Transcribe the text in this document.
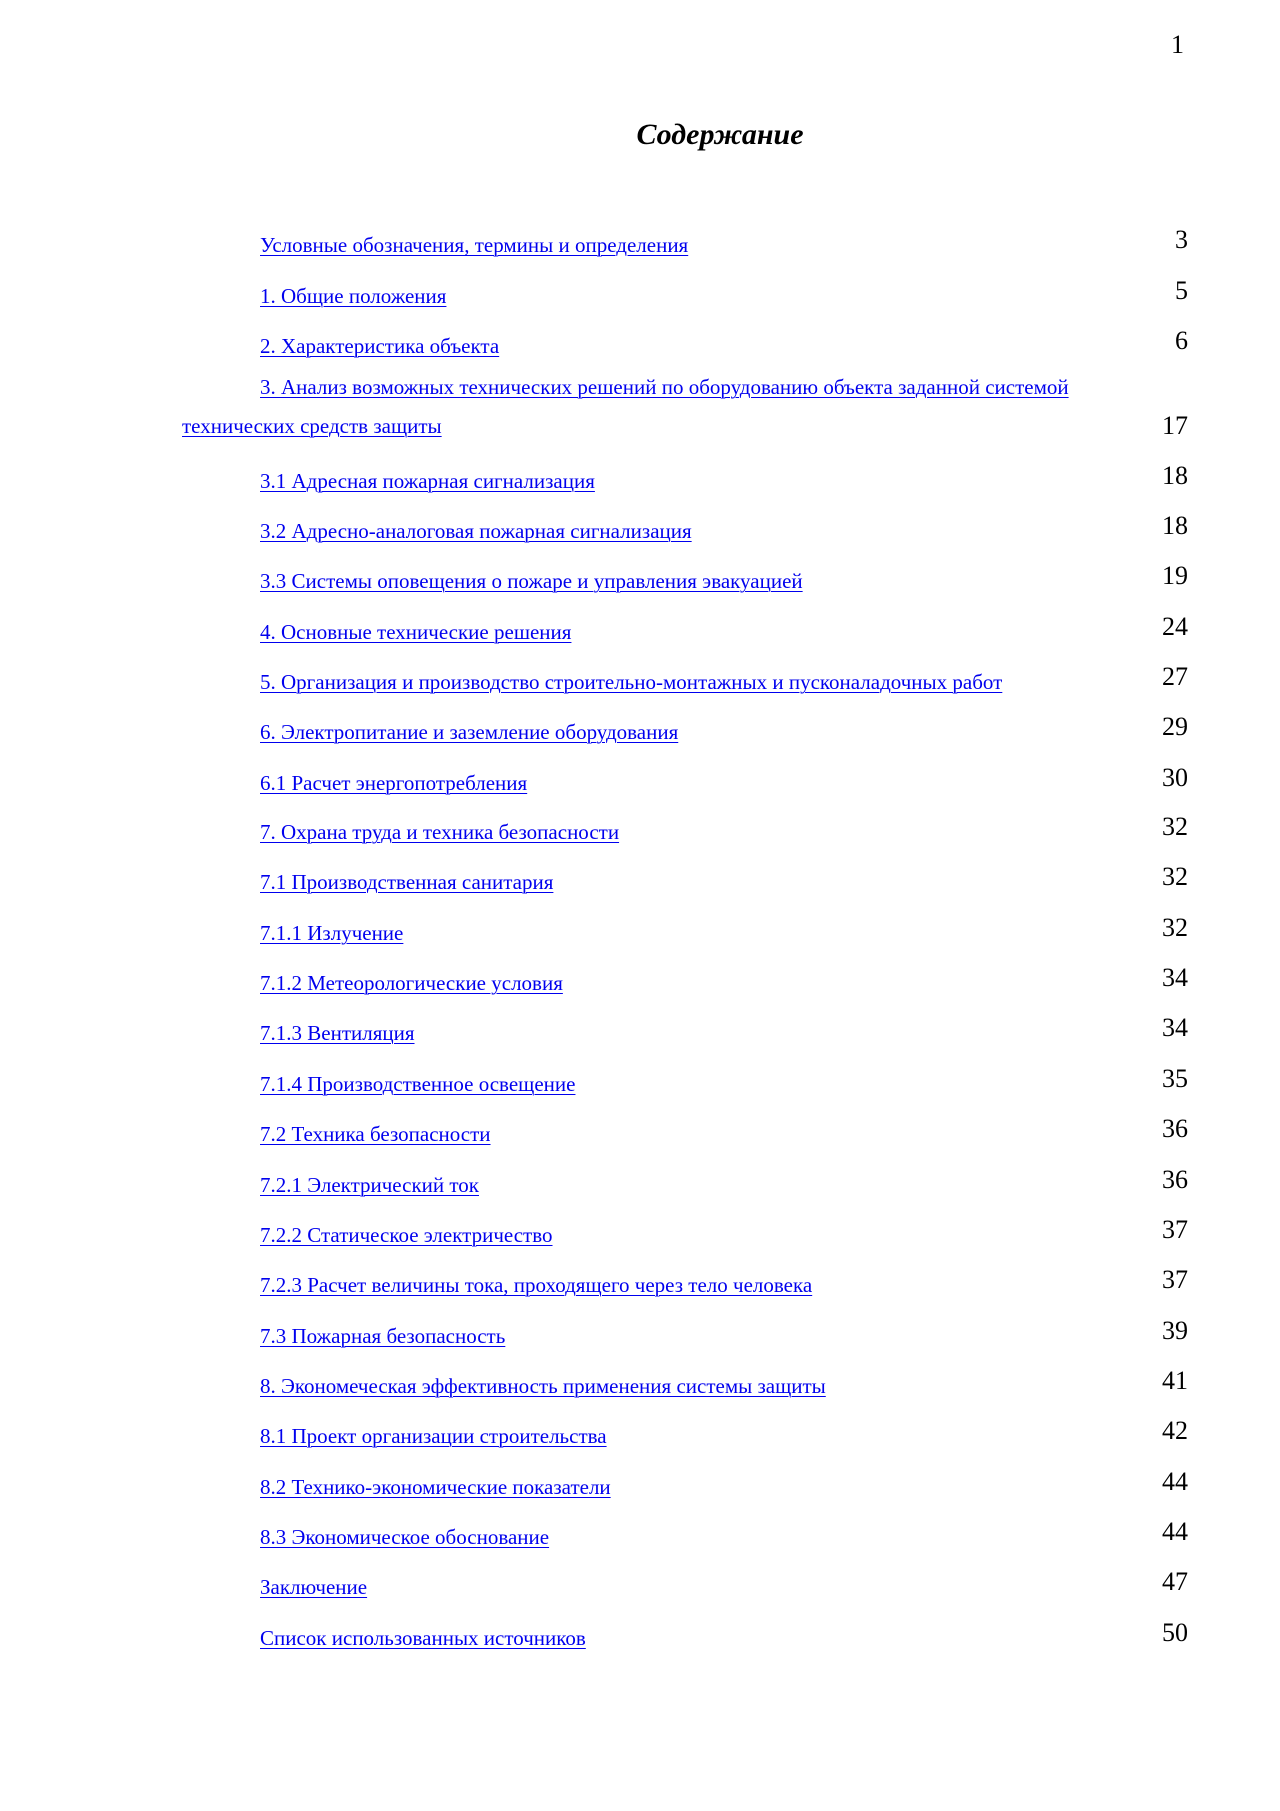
1
Содержание
Условные обозначения, термины и определения	3
1. Общие положения	5
2. Характеристика объекта	6
3. Анализ возможных технических решений по оборудованию объекта заданной системой
технических средств защиты	17
3.1 Адресная пожарная сигнализация	18
3.2 Адресно-аналоговая пожарная сигнализация	18
3.3 Системы оповещения о пожаре и управления эвакуацией	19
4. Основные технические решения	24
5. Организация и производство строительно-монтажных и пусконаладочных работ	27
6. Электропитание и заземление оборудования	29
6.1 Расчет энергопотребления	30
7. Охрана труда и техника безопасности	32
7.1 Производственная санитария	32
7.1.1 Излучение	32
7.1.2 Метеорологические условия	34
7.1.3 Вентиляция	34
7.1.4 Производственное освещение	35
7.2 Техника безопасности	36
7.2.1 Электрический ток	36
7.2.2 Статическое электричество	37
7.2.3 Расчет величины тока, проходящего через тело человека	37
7.3 Пожарная безопасность	39
8. Экономеческая эффективность применения системы защиты	41
8.1 Проект организации строительства	42
8.2 Технико-экономические показатели	44
8.3 Экономическое обоснование	44
Заключение	47
Список использованных источников	50
